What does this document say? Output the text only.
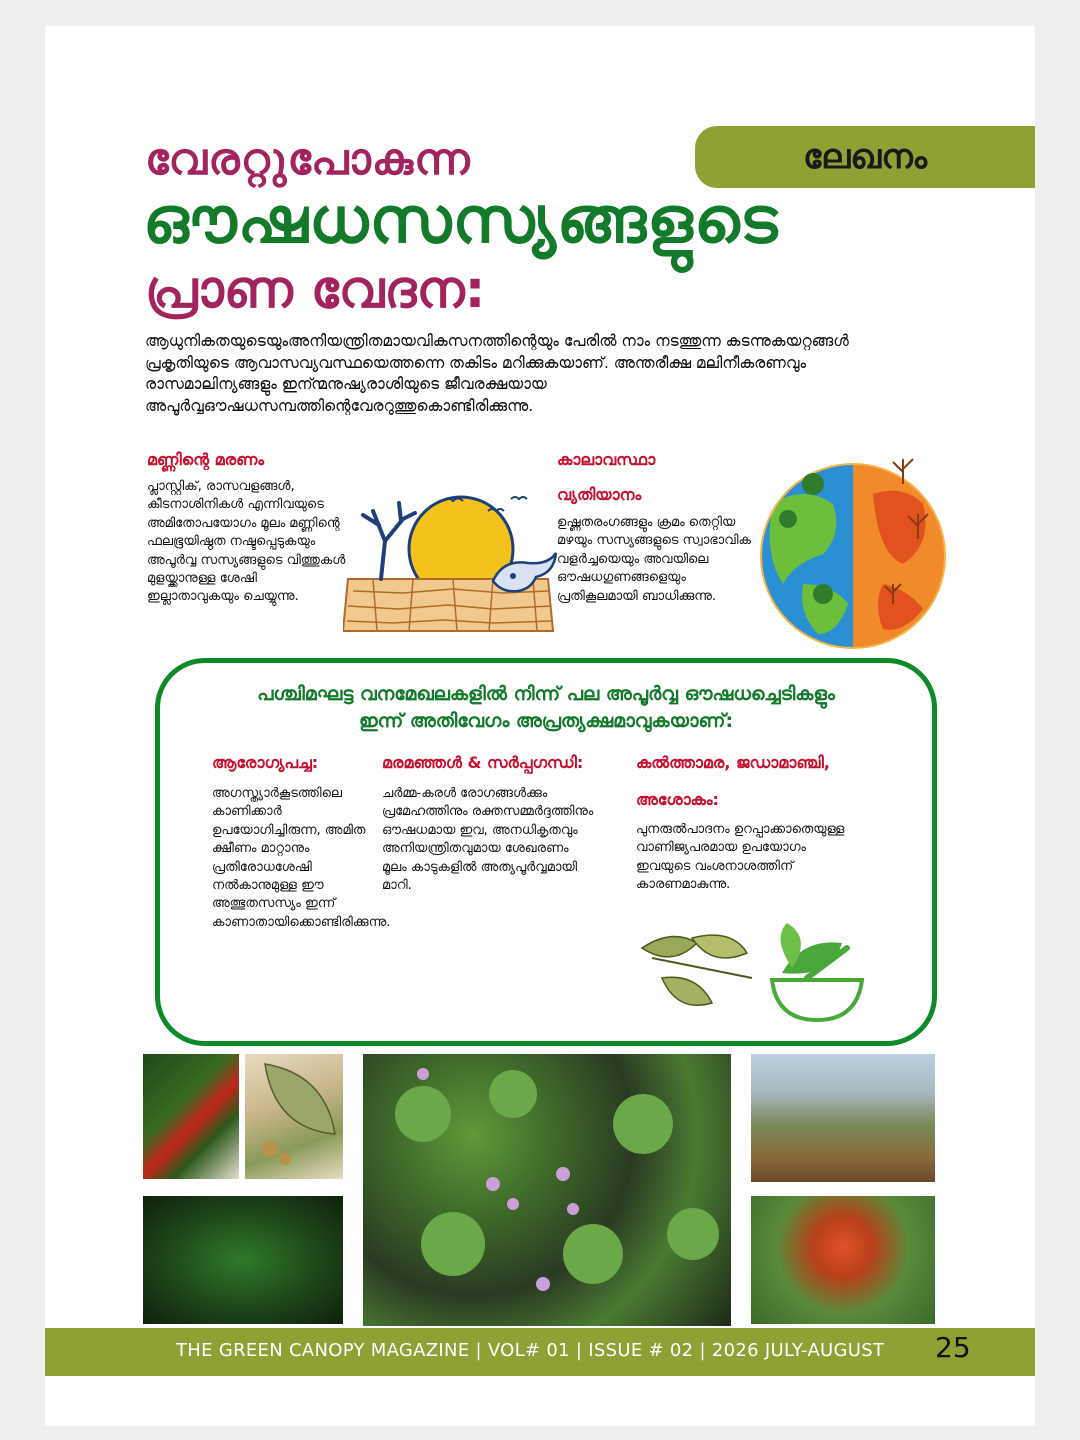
ലേഖനം
വേരറ്റുപോകുന്ന
ഔഷധസസ്യങ്ങളുടെ
പ്രാണ വേദന:
ആധുനികതയുടെയുംഅനിയന്ത്രിതമായവികസനത്തിന്റെയും പേരിൽ നാം നടത്തുന്ന കടന്നുകയറ്റങ്ങൾ പ്രകൃതിയുടെ ആവാസവ്യവസ്ഥയെത്തന്നെ തകിടം മറിക്കുകയാണ്. അന്തരീക്ഷ മലിനീകരണവും രാസമാലിന്യങ്ങളും ഇന്ന്മനുഷ്യരാശിയുടെ ജീവരക്ഷയായ അപൂർവ്വഔഷധസമ്പത്തിന്റെവേരറുത്തുകൊണ്ടിരിക്കുന്നു.
മണ്ണിന്റെ മരണം
പ്ലാസ്റ്റിക്, രാസവളങ്ങൾ, കീടനാശിനികൾ എന്നിവയുടെ അമിതോപയോഗം മൂലം മണ്ണിന്റെ ഫലഭൂയിഷ്ഠത നഷ്ടപ്പെടുകയും അപൂർവ്വ സസ്യങ്ങളുടെ വിത്തുകൾ മുളയ്ക്കാനുള്ള ശേഷി ഇല്ലാതാവുകയും ചെയ്യുന്നു.
കാലാവസ്ഥാ
വ്യതിയാനം
ഉഷ്ണതരംഗങ്ങളും ക്രമം തെറ്റിയ മഴയും സസ്യങ്ങളുടെ സ്വാഭാവിക വളർച്ചയെയും അവയിലെ ഔഷധഗുണങ്ങളെയും പ്രതികൂലമായി ബാധിക്കുന്നു.
പശ്ചിമഘട്ട വനമേഖലകളിൽ നിന്ന് പല അപൂർവ്വ ഔഷധച്ചെടികളും
ഇന്ന് അതിവേഗം അപ്രത്യക്ഷമാവുകയാണ്:
ആരോഗ്യപച്ച:
അഗസ്ത്യാർകൂടത്തിലെ കാണിക്കാർ ഉപയോഗിച്ചിരുന്ന, അമിത ക്ഷീണം മാറ്റാനും പ്രതിരോധശേഷി നൽകാനുമുള്ള ഈ അത്ഭുതസസ്യം ഇന്ന് കാണാതായിക്കൊണ്ടിരിക്കുന്നു.
മരമഞ്ഞൾ & സർപ്പഗന്ധി:
ചർമ്മ-കരൾ രോഗങ്ങൾക്കും പ്രമേഹത്തിനും രക്തസമ്മർദ്ദത്തിനും ഔഷധമായ ഇവ, അനധികൃതവും അനിയന്ത്രിതവുമായ ശേഖരണം മൂലം കാടുകളിൽ അത്യപൂർവ്വമായി മാറി.
കൽത്താമര, ജഡാമാഞ്ചി,
അശോകം:
പുനരുൽപാദനം ഉറപ്പാക്കാതെയുള്ള വാണിജ്യപരമായ ഉപയോഗം ഇവയുടെ വംശനാശത്തിന് കാരണമാകുന്നു.
THE GREEN CANOPY MAGAZINE | VOL# 01 | ISSUE # 02 | 2026 JULY-AUGUST 25
